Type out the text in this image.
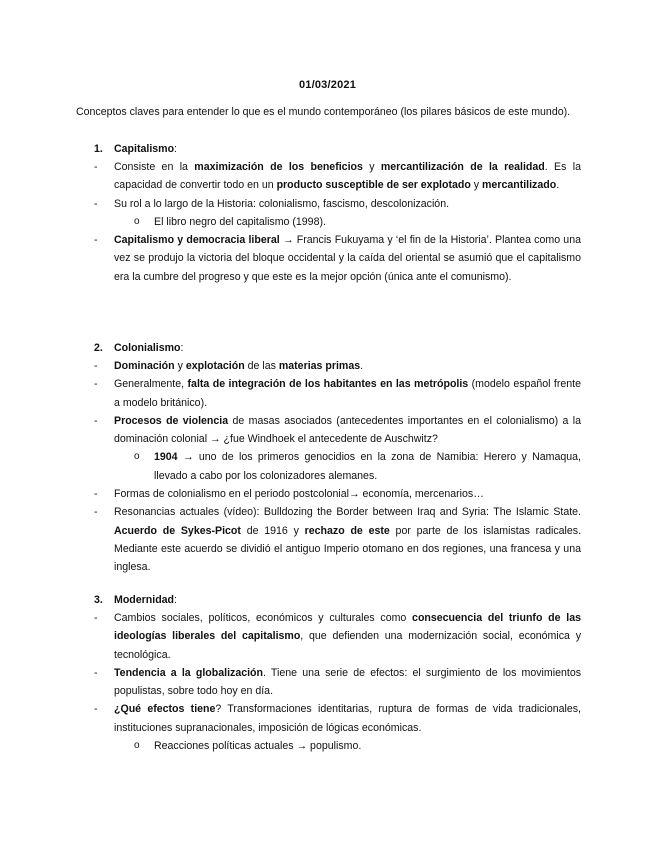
01/03/2021
Conceptos claves para entender lo que es el mundo contemporáneo (los pilares básicos de este mundo).
1. Capitalismo:
- Consiste en la maximización de los beneficios y mercantilización de la realidad. Es la capacidad de convertir todo en un producto susceptible de ser explotado y mercantilizado.
- Su rol a lo largo de la Historia: colonialismo, fascismo, descolonización.
o El libro negro del capitalismo (1998).
- Capitalismo y democracia liberal → Francis Fukuyama y ‘el fin de la Historia’. Plantea como una vez se produjo la victoria del bloque occidental y la caída del oriental se asumió que el capitalismo era la cumbre del progreso y que este es la mejor opción (única ante el comunismo).
2. Colonialismo:
- Dominación y explotación de las materias primas.
- Generalmente, falta de integración de los habitantes en las metrópolis (modelo español frente a modelo británico).
- Procesos de violencia de masas asociados (antecedentes importantes en el colonialismo) a la dominación colonial → ¿fue Windhoek el antecedente de Auschwitz?
o 1904 → uno de los primeros genocidios en la zona de Namibia: Herero y Namaqua, llevado a cabo por los colonizadores alemanes.
- Formas de colonialismo en el periodo postcolonial→ economía, mercenarios…
- Resonancias actuales (vídeo): Bulldozing the Border between Iraq and Syria: The Islamic State. Acuerdo de Sykes-Picot de 1916 y rechazo de este por parte de los islamistas radicales. Mediante este acuerdo se dividió el antiguo Imperio otomano en dos regiones, una francesa y una inglesa.
3. Modernidad:
- Cambios sociales, políticos, económicos y culturales como consecuencia del triunfo de las ideologías liberales del capitalismo, que defienden una modernización social, económica y tecnológica.
- Tendencia a la globalización. Tiene una serie de efectos: el surgimiento de los movimientos populistas, sobre todo hoy en día.
- ¿Qué efectos tiene? Transformaciones identitarias, ruptura de formas de vida tradicionales, instituciones supranacionales, imposición de lógicas económicas.
o Reacciones políticas actuales → populismo.
